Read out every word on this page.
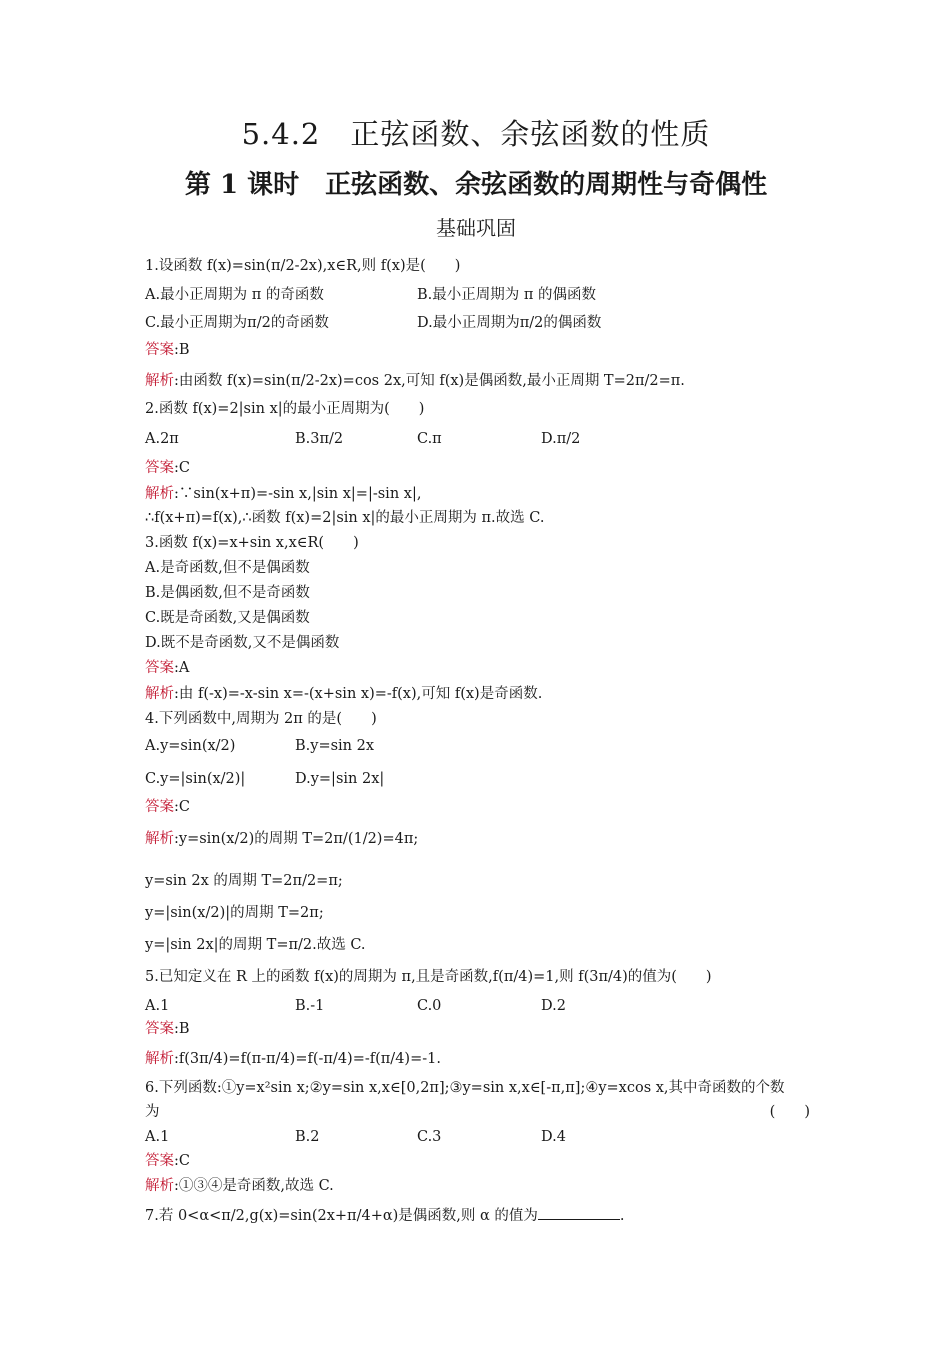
5.4.2　正弦函数、余弦函数的性质
第 1 课时　正弦函数、余弦函数的周期性与奇偶性
基础巩固
1.设函数 f(x)=sin(π/2-2x),x∈R,则 f(x)是(　　)
A.最小正周期为 π 的奇函数	B.最小正周期为 π 的偶函数
C.最小正周期为π/2的奇函数	D.最小正周期为π/2的偶函数
答案:B
解析:由函数 f(x)=sin(π/2-2x)=cos 2x,可知 f(x)是偶函数,最小正周期 T=2π/2=π.
2.函数 f(x)=2|sin x|的最小正周期为(　　)
A.2π	B.3π/2	C.π	D.π/2
答案:C
解析:∵sin(x+π)=-sin x,|sin x|=|-sin x|,
∴f(x+π)=f(x),∴函数 f(x)=2|sin x|的最小正周期为 π.故选 C.
3.函数 f(x)=x+sin x,x∈R(　　)
A.是奇函数,但不是偶函数
B.是偶函数,但不是奇函数
C.既是奇函数,又是偶函数
D.既不是奇函数,又不是偶函数
答案:A
解析:由 f(-x)=-x-sin x=-(x+sin x)=-f(x),可知 f(x)是奇函数.
4.下列函数中,周期为 2π 的是(　　)
A.y=sin(x/2)	B.y=sin 2x
C.y=|sin(x/2)|	D.y=|sin 2x|
答案:C
解析:y=sin(x/2)的周期 T=2π/(1/2)=4π;
y=sin 2x 的周期 T=2π/2=π;
y=|sin(x/2)|的周期 T=2π;
y=|sin 2x|的周期 T=π/2.故选 C.
5.已知定义在 R 上的函数 f(x)的周期为 π,且是奇函数,f(π/4)=1,则 f(3π/4)的值为(　　)
A.1	B.-1	C.0	D.2
答案:B
解析:f(3π/4)=f(π-π/4)=f(-π/4)=-f(π/4)=-1.
6.下列函数:①y=x²sin x;②y=sin x,x∈[0,2π];③y=sin x,x∈[-π,π];④y=xcos x,其中奇函数的个数
为	(　　)
A.1	B.2	C.3	D.4
答案:C
解析:①③④是奇函数,故选 C.
7.若 0<α<π/2,g(x)=sin(2x+π/4+α)是偶函数,则 α 的值为	.
